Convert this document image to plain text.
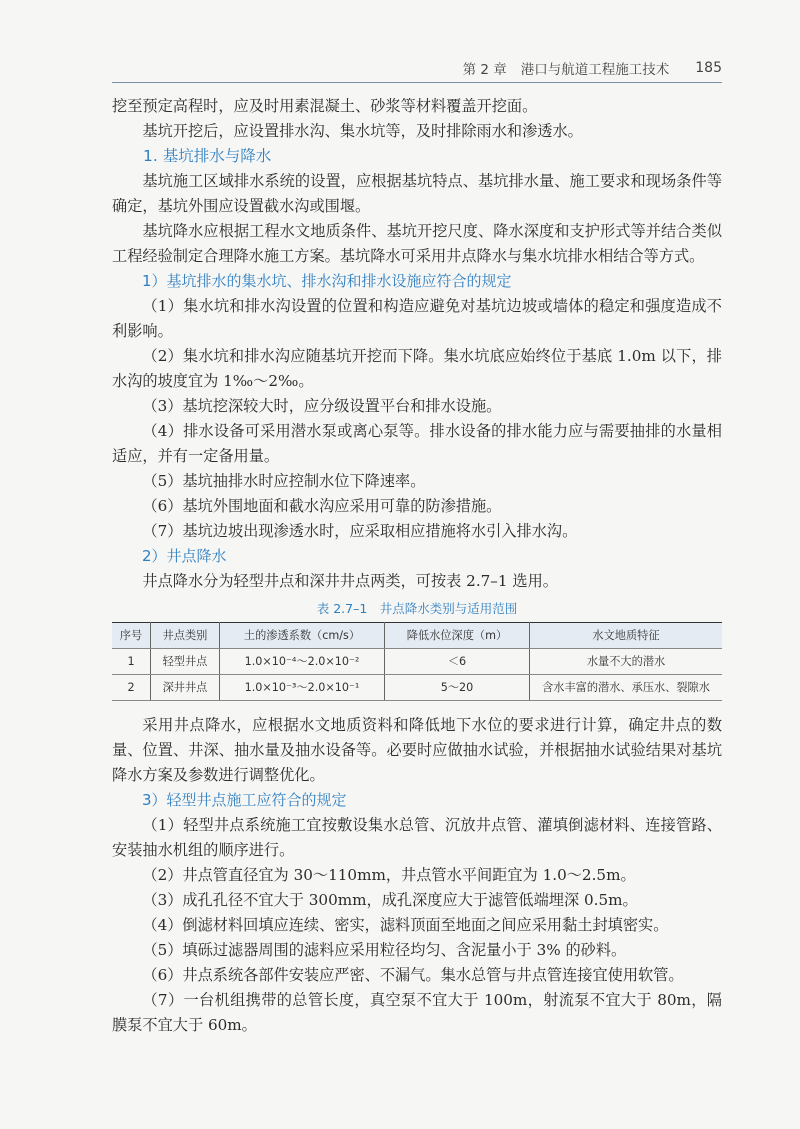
第 2 章 港口与航道工程施工技术 185

挖至预定高程时，应及时用素混凝土、砂浆等材料覆盖开挖面。

基坑开挖后，应设置排水沟、集水坑等，及时排除雨水和渗透水。

1. 基坑排水与降水

基坑施工区域排水系统的设置，应根据基坑特点、基坑排水量、施工要求和现场条件等确定，基坑外围应设置截水沟或围堰。

基坑降水应根据工程水文地质条件、基坑开挖尺度、降水深度和支护形式等并结合类似工程经验制定合理降水施工方案。基坑降水可采用井点降水与集水坑排水相结合等方式。

1）基坑排水的集水坑、排水沟和排水设施应符合的规定

（1）集水坑和排水沟设置的位置和构造应避免对基坑边坡或墙体的稳定和强度造成不利影响。

（2）集水坑和排水沟应随基坑开挖而下降。集水坑底应始终位于基底 1.0m 以下，排水沟的坡度宜为 1‰～2‰。

（3）基坑挖深较大时，应分级设置平台和排水设施。

（4）排水设备可采用潜水泵或离心泵等。排水设备的排水能力应与需要抽排的水量相适应，并有一定备用量。

（5）基坑抽排水时应控制水位下降速率。

（6）基坑外围地面和截水沟应采用可靠的防渗措施。

（7）基坑边坡出现渗透水时，应采取相应措施将水引入排水沟。

2）井点降水

井点降水分为轻型井点和深井井点两类，可按表 2.7–1 选用。

表 2.7–1　井点降水类别与适用范围
序号	井点类别	土的渗透系数（cm/s）	降低水位深度（m）	水文地质特征
1	轻型井点	1.0×10⁻⁴～2.0×10⁻²	＜6	水量不大的潜水
2	深井井点	1.0×10⁻³～2.0×10⁻¹	5～20	含水丰富的潜水、承压水、裂隙水

采用井点降水，应根据水文地质资料和降低地下水位的要求进行计算，确定井点的数量、位置、井深、抽水量及抽水设备等。必要时应做抽水试验，并根据抽水试验结果对基坑降水方案及参数进行调整优化。

3）轻型井点施工应符合的规定

（1）轻型井点系统施工宜按敷设集水总管、沉放井点管、灌填倒滤材料、连接管路、安装抽水机组的顺序进行。

（2）井点管直径宜为 30～110mm，井点管水平间距宜为 1.0～2.5m。

（3）成孔孔径不宜大于 300mm，成孔深度应大于滤管低端埋深 0.5m。

（4）倒滤材料回填应连续、密实，滤料顶面至地面之间应采用黏土封填密实。

（5）填砾过滤器周围的滤料应采用粒径均匀、含泥量小于 3% 的砂料。

（6）井点系统各部件安装应严密、不漏气。集水总管与井点管连接宜使用软管。

（7）一台机组携带的总管长度，真空泵不宜大于 100m，射流泵不宜大于 80m，隔膜泵不宜大于 60m。
